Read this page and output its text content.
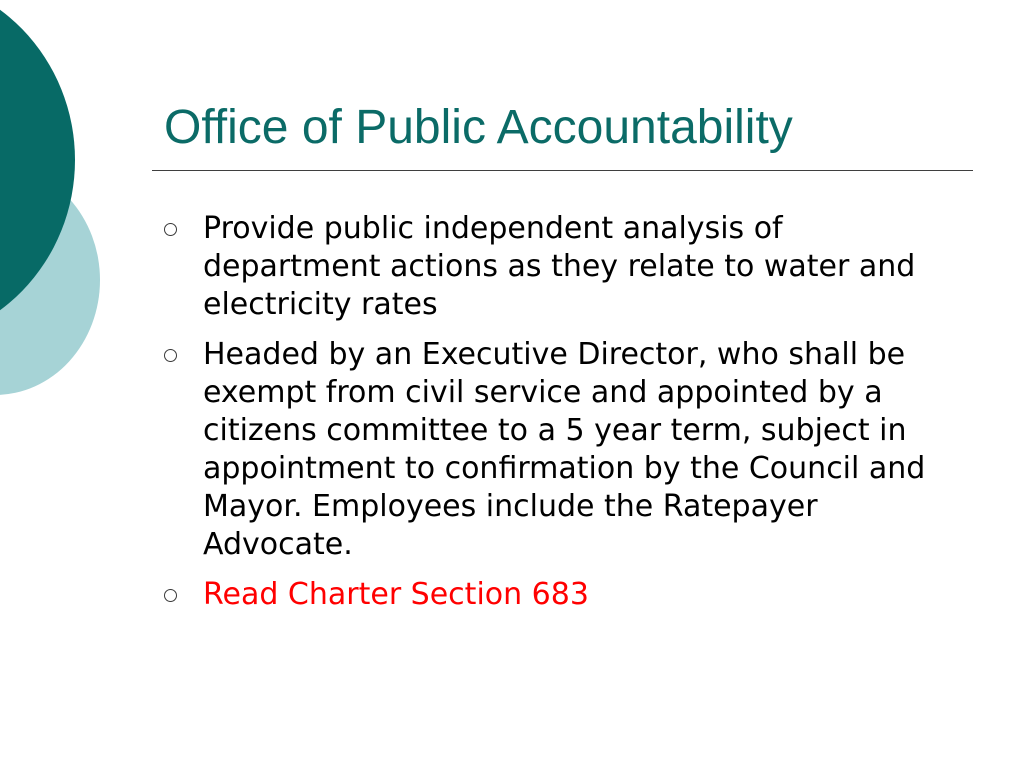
Office of Public Accountability
Provide public independent analysis of department actions as they relate to water and electricity rates
Headed by an Executive Director, who shall be exempt from civil service and appointed by a citizens committee to a 5 year term, subject in appointment to confirmation by the Council and Mayor. Employees include the Ratepayer Advocate.
Read Charter Section 683
